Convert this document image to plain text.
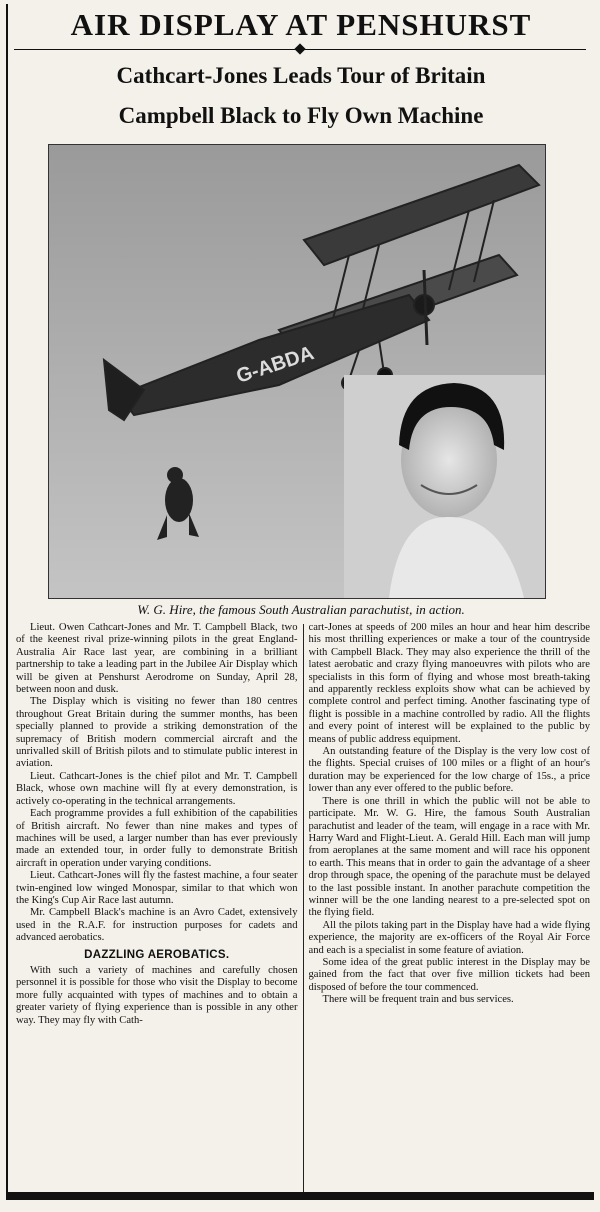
AIR DISPLAY AT PENSHURST
Cathcart-Jones Leads Tour of Britain
Campbell Black to Fly Own Machine
G-ABDA
W. G. Hire, the famous South Australian parachutist, in action.

Lieut. Owen Cathcart-Jones and Mr. T. Campbell Black, two of the keenest rival prize-winning pilots in the great England-Australia Air Race last year, are combining in a brilliant partnership to take a leading part in the Jubilee Air Display which will be given at Penshurst Aerodrome on Sunday, April 28, between noon and dusk.

The Display which is visiting no fewer than 180 centres throughout Great Britain during the summer months, has been specially planned to provide a striking demonstration of the supremacy of British modern commercial aircraft and the unrivalled skill of British pilots and to stimulate public interest in aviation.

Lieut. Cathcart-Jones is the chief pilot and Mr. T. Campbell Black, whose own machine will fly at every demonstration, is actively co-operating in the technical arrangements.

Each programme provides a full exhibition of the capabilities of British aircraft. No fewer than nine makes and types of machines will be used, a larger number than has ever previously made an extended tour, in order fully to demonstrate British aircraft in operation under varying conditions.

Lieut. Cathcart-Jones will fly the fastest machine, a four seater twin-engined low winged Monospar, similar to that which won the King's Cup Air Race last autumn.

Mr. Campbell Black's machine is an Avro Cadet, extensively used in the R.A.F. for instruction purposes for cadets and advanced aerobatics.

DAZZLING AEROBATICS.

With such a variety of machines and carefully chosen personnel it is possible for those who visit the Display to become more fully acquainted with types of machines and to obtain a greater variety of flying experience than is possible in any other way. They may fly with Cath-

cart-Jones at speeds of 200 miles an hour and hear him describe his most thrilling experiences or make a tour of the countryside with Campbell Black. They may also experience the thrill of the latest aerobatic and crazy flying manoeuvres with pilots who are specialists in this form of flying and whose most breath-taking and apparently reckless exploits show what can be achieved by complete control and perfect timing. Another fascinating type of flight is possible in a machine controlled by radio. All the flights and every point of interest will be explained to the public by means of public address equipment.

An outstanding feature of the Display is the very low cost of the flights. Special cruises of 100 miles or a flight of an hour's duration may be experienced for the low charge of 15s., a price lower than any ever offered to the public before.

There is one thrill in which the public will not be able to participate. Mr. W. G. Hire, the famous South Australian parachutist and leader of the team, will engage in a race with Mr. Harry Ward and Flight-Lieut. A. Gerald Hill. Each man will jump from aeroplanes at the same moment and will race his opponent to earth. This means that in order to gain the advantage of a sheer drop through space, the opening of the parachute must be delayed to the last possible instant. In another parachute competition the winner will be the one landing nearest to a pre-selected spot on the flying field.

All the pilots taking part in the Display have had a wide flying experience, the majority are ex-officers of the Royal Air Force and each is a specialist in some feature of aviation.

Some idea of the great public interest in the Display may be gained from the fact that over five million tickets had been disposed of before the tour commenced.

There will be frequent train and bus services.
